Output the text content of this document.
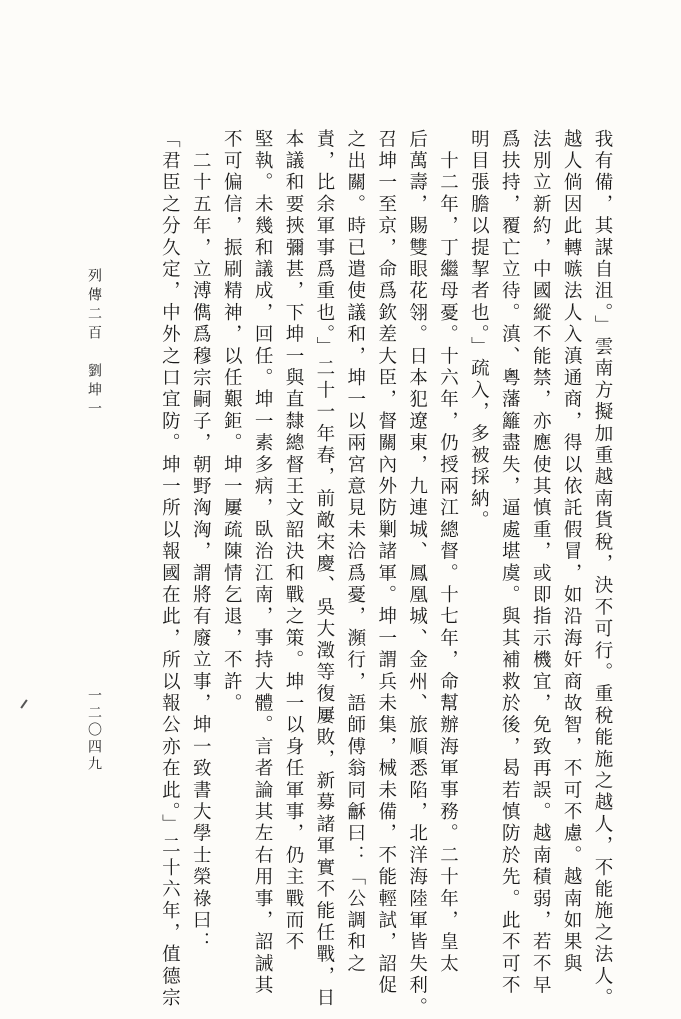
我有備，其謀自沮。」雲南方擬加重越南貨稅，決不可行。重稅能施之越人，不能施之法人。
越人倘因此轉嗾法人入滇通商，得以依託假冒，如沿海奸商故智，不可不慮。越南如果與
法別立新約，中國縱不能禁，亦應使其慎重，或即指示機宜，免致再誤。越南積弱，若不早
爲扶持，覆亡立待。滇、粵藩籬盡失，逼處堪虞。與其補救於後，曷若慎防於先。此不可不
明目張膽以提挈者也。」疏入，多被採納。
　十二年，丁繼母憂。十六年，仍授兩江總督。十七年，命幫辦海軍事務。二十年，皇太
后萬壽，賜雙眼花翎。日本犯遼東，九連城、鳳凰城、金州、旅順悉陷，北洋海陸軍皆失利。
召坤一至京，命爲欽差大臣，督關內外防剿諸軍。坤一謂兵未集，械未備，不能輕試，詔促
之出關。時已遣使議和，坤一以兩宮意見未洽爲憂，瀕行，語師傅翁同龢曰：「公調和之
責，比余軍事爲重也。」二十一年春，前敵宋慶、吳大澂等復屢敗，新募諸軍實不能任戰，日
本議和要挾彌甚，下坤一與直隸總督王文韶決和戰之策。坤一以身任軍事，仍主戰而不
堅執。未幾和議成，回任。坤一素多病，臥治江南，事持大體。言者論其左右用事，詔誡其
不可偏信，振刷精神，以任艱鉅。坤一屢疏陳情乞退，不許。
　二十五年，立溥儁爲穆宗嗣子，朝野洶洶，謂將有廢立事，坤一致書大學士榮祿曰：
「君臣之分久定，中外之口宜防。坤一所以報國在此，所以報公亦在此。」二十六年，值德宗
列傳二百　劉坤一
一二〇四九
